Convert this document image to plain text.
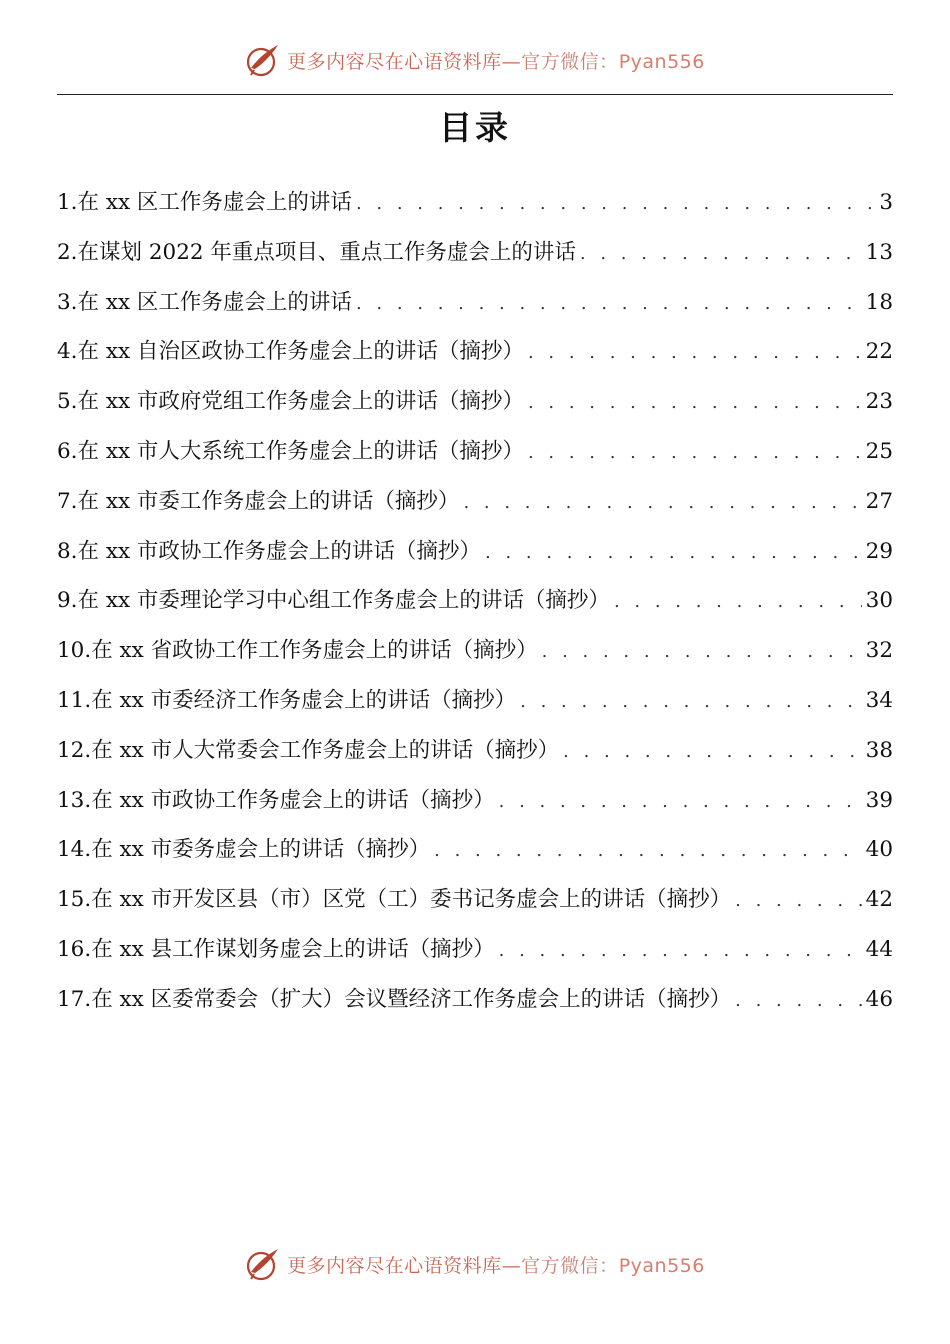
更多内容尽在心语资料库—官方微信：Pyan556
目录
1.在 xx 区工作务虚会上的讲话 . . .	3
2.在谋划 2022 年重点项目、重点工作务虚会上的讲话 . . .	13
3.在 xx 区工作务虚会上的讲话 . . .	18
4.在 xx 自治区政协工作务虚会上的讲话（摘抄） . . .	22
5.在 xx 市政府党组工作务虚会上的讲话（摘抄） . . .	23
6.在 xx 市人大系统工作务虚会上的讲话（摘抄） . . .	25
7.在 xx 市委工作务虚会上的讲话（摘抄） . . .	27
8.在 xx 市政协工作务虚会上的讲话（摘抄） . . .	29
9.在 xx 市委理论学习中心组工作务虚会上的讲话（摘抄） . . .	30
10.在 xx 省政协工作工作务虚会上的讲话（摘抄） . . .	32
11.在 xx 市委经济工作务虚会上的讲话（摘抄） . . .	34
12.在 xx 市人大常委会工作务虚会上的讲话（摘抄） . . .	38
13.在 xx 市政协工作务虚会上的讲话（摘抄） . . .	39
14.在 xx 市委务虚会上的讲话（摘抄） . . .	40
15.在 xx 市开发区县（市）区党（工）委书记务虚会上的讲话（摘抄） . . .	42
16.在 xx 县工作谋划务虚会上的讲话（摘抄） . . .	44
17.在 xx 区委常委会（扩大）会议暨经济工作务虚会上的讲话（摘抄） . . .	46
更多内容尽在心语资料库—官方微信：Pyan556
